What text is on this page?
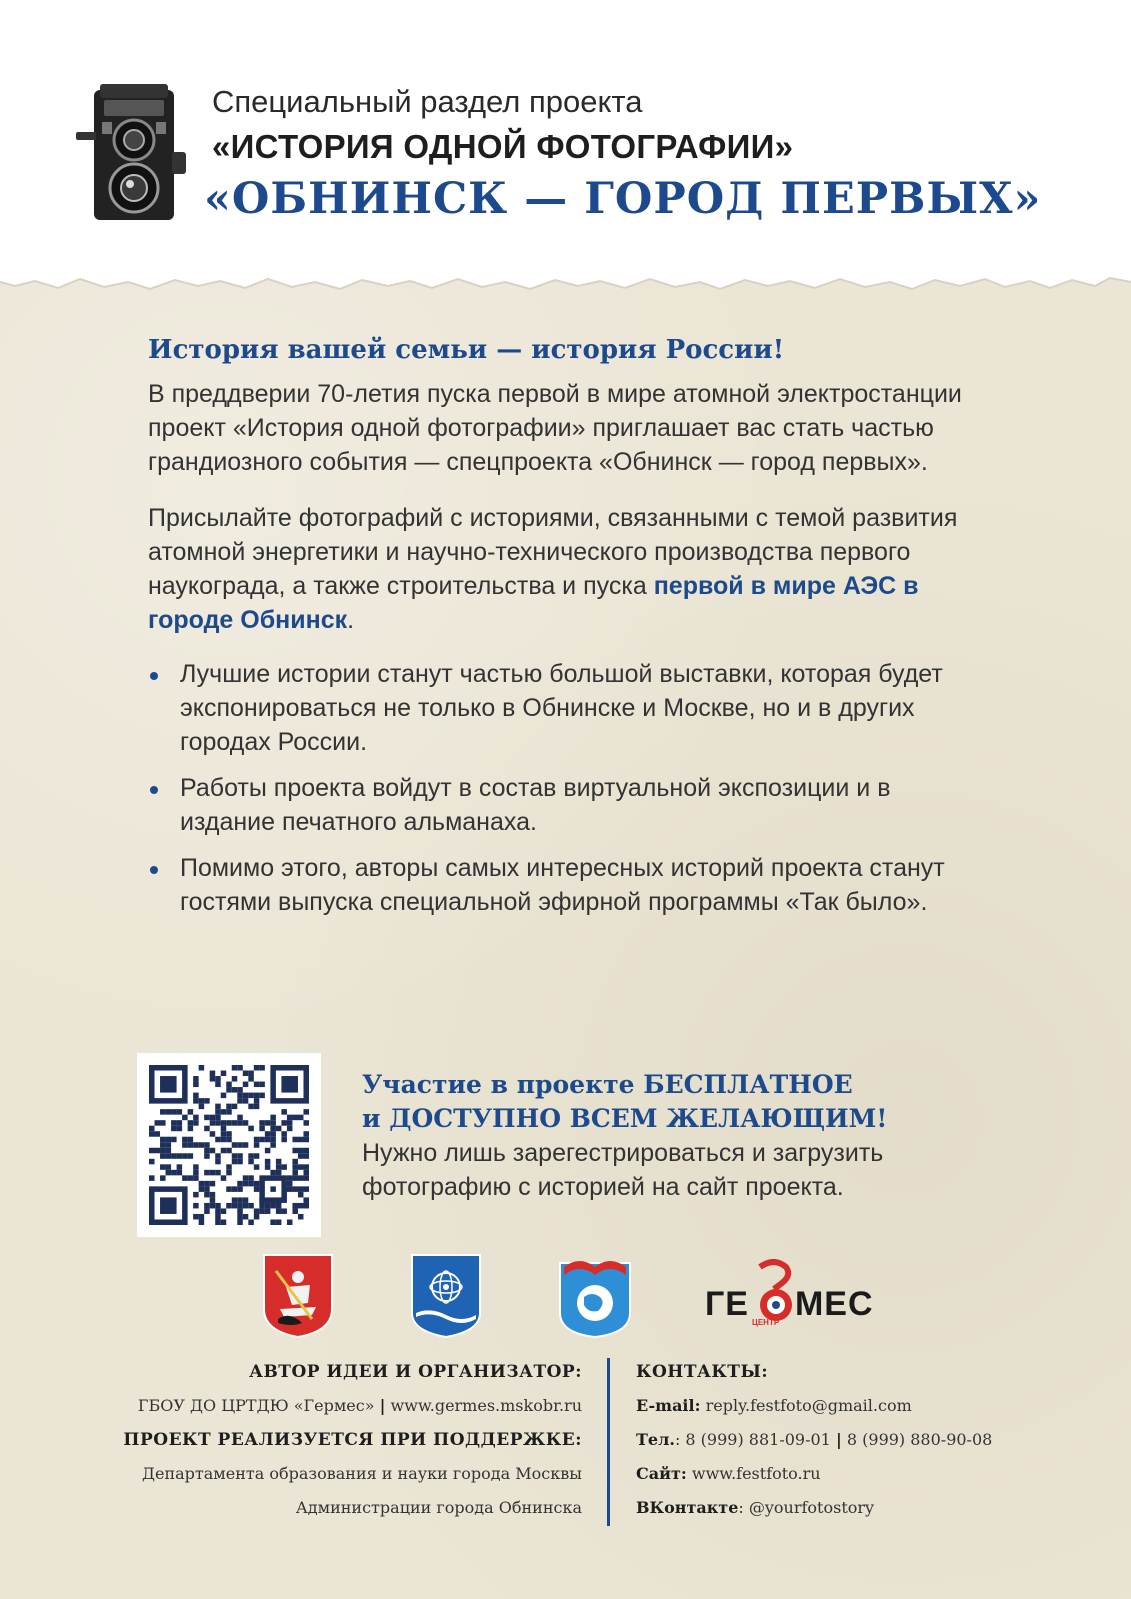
Специальный раздел проекта
«ИСТОРИЯ ОДНОЙ ФОТОГРАФИИ»
«ОБНИНСК — ГОРОД ПЕРВЫХ»
История вашей семьи — история России!
В преддверии 70-летия пуска первой в мире атомной электростанции проект «История одной фотографии» приглашает вас стать частью грандиозного события — спецпроекта «Обнинск — город первых».
Присылайте фотографий с историями, связанными с темой развития атомной энергетики и научно-технического производства первого наукограда, а также строительства и пуска первой в мире АЭС в городе Обнинск.
Лучшие истории станут частью большой выставки, которая будет экспонироваться не только в Обнинске и Москве, но и в других городах России.
Работы проекта войдут в состав виртуальной экспозиции и в издание печатного альманаха.
Помимо этого, авторы самых интересных историй проекта станут гостями выпуска специальной эфирной программы «Так было».
Участие в проекте БЕСПЛАТНОЕ
и ДОСТУПНО ВСЕМ ЖЕЛАЮЩИМ!
Нужно лишь зарегестрироваться и загрузить
фотографию с историей на сайт проекта.
ГЕ МЕС
ЦЕНТР
АВТОР ИДЕИ И ОРГАНИЗАТОР:
ГБОУ ДО ЦРТДЮ «Гермес» | www.germes.mskobr.ru
ПРОЕКТ РЕАЛИЗУЕТСЯ ПРИ ПОДДЕРЖКЕ:
Департамента образования и науки города Москвы
Администрации города Обнинска
КОНТАКТЫ:
E-mail: reply.festfoto@gmail.com
Тел.: 8 (999) 881-09-01 | 8 (999) 880-90-08
Сайт: www.festfoto.ru
ВКонтакте: @yourfotostory
